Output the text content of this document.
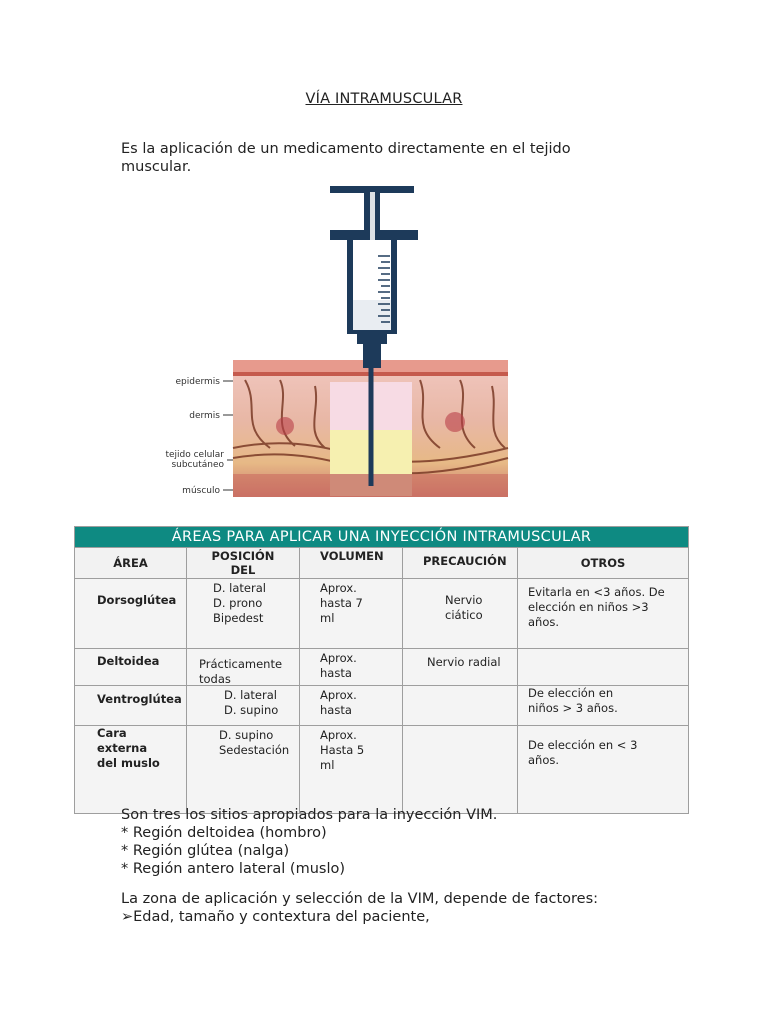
VÍA INTRAMUSCULAR
Es la aplicación de un medicamento directamente en el tejido muscular.
epidermis
dermis
tejido celular
subcutáneo
músculo
ÁREAS PARA APLICAR UNA INYECCIÓN INTRAMUSCULAR				

ÁREA	POSICIÓN DEL	VOLUMEN	PRECAUCIÓN	OTROS

Dorsoglútea	D. lateral D. prono Bipedest	Aprox. hasta 7 ml	Nervio ciático	Evitarla en <3 años. De elección en niños >3 años.

Deltoidea	Prácticamente todas	Aprox. hasta	Nervio radial	

Ventroglútea	D. lateral D. supino	Aprox. hasta		De elección en niños > 3 años.

Cara externa del muslo	D. supino Sedestación	Aprox. Hasta 5 ml		De elección en < 3 años.

Son tres los sitios apropiados para la inyección VIM.

* Región deltoidea (hombro)

* Región glútea (nalga)

* Región antero lateral (muslo)

La zona de aplicación y selección de la VIM, depende de factores:

➢Edad, tamaño y contextura del paciente,
